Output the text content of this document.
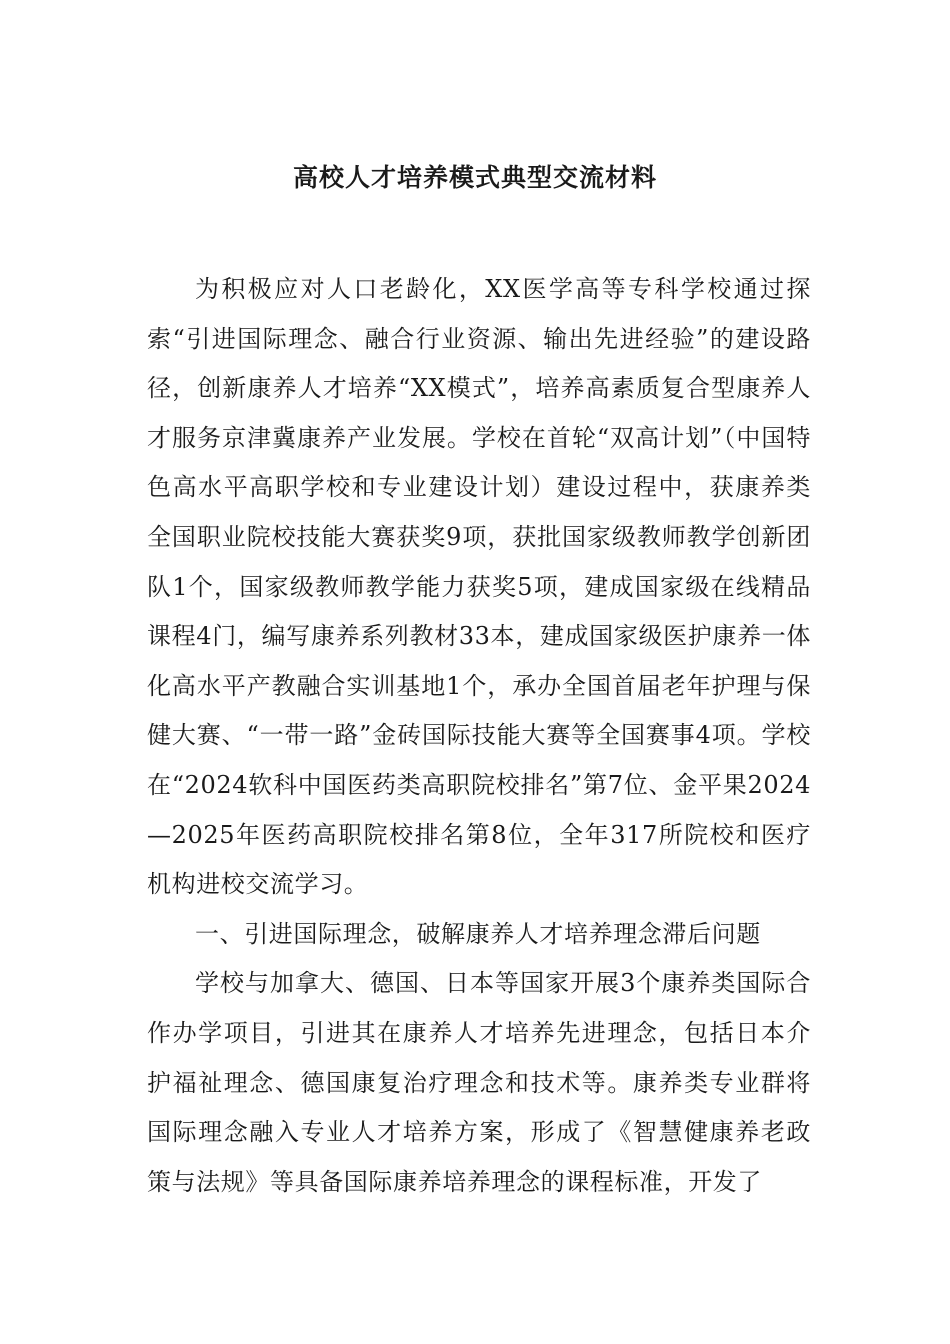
高校人才培养模式典型交流材料

为积极应对人口老龄化，XX医学高等专科学校通过探索“引进国际理念、融合行业资源、输出先进经验”的建设路径，创新康养人才培养“XX模式”，培养高素质复合型康养人才服务京津冀康养产业发展。学校在首轮“双高计划”（中国特色高水平高职学校和专业建设计划）建设过程中，获康养类全国职业院校技能大赛获奖9项，获批国家级教师教学创新团队1个，国家级教师教学能力获奖5项，建成国家级在线精品课程4门，编写康养系列教材33本，建成国家级医护康养一体化高水平产教融合实训基地1个，承办全国首届老年护理与保健大赛、“一带一路”金砖国际技能大赛等全国赛事4项。学校在“2024软科中国医药类高职院校排名”第7位、金平果2024—2025年医药高职院校排名第8位，全年317所院校和医疗机构进校交流学习。

一、引进国际理念，破解康养人才培养理念滞后问题

学校与加拿大、德国、日本等国家开展3个康养类国际合作办学项目，引进其在康养人才培养先进理念，包括日本介护福祉理念、德国康复治疗理念和技术等。康养类专业群将国际理念融入专业人才培养方案，形成了《智慧健康养老政策与法规》等具备国际康养培养理念的课程标准，开发了
